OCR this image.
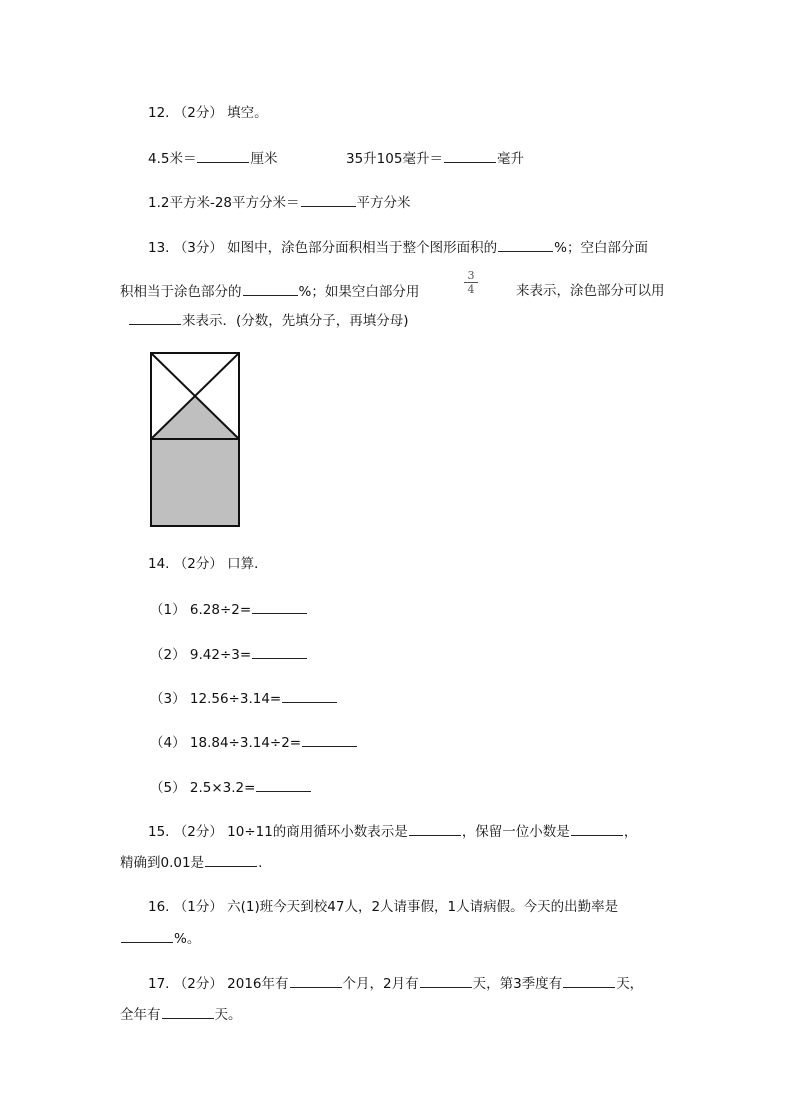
12. （2分） 填空。
4.5米＝	厘米	35升105毫升＝	毫升
1.2平方米-28平方分米＝	平方分米
13. （3分） 如图中，涂色部分面积相当于整个图形面积的	%；空白部分面
积相当于涂色部分的	%；如果空白部分用	$\frac{3}{4}$	来表示，涂色部分可以用
来表示．(分数，先填分子，再填分母)
14. （2分） 口算．
（1） 6.28÷2=
（2） 9.42÷3=
（3） 12.56÷3.14=
（4） 18.84÷3.14÷2=
（5） 2.5×3.2=
15. （2分） 10÷11的商用循环小数表示是	，保留一位小数是	，
精确到0.01是	.
16. （1分） 六(1)班今天到校47人，2人请事假，1人请病假。今天的出勤率是
%。
17. （2分） 2016年有	个月，2月有	天，第3季度有	天，
全年有	天。
